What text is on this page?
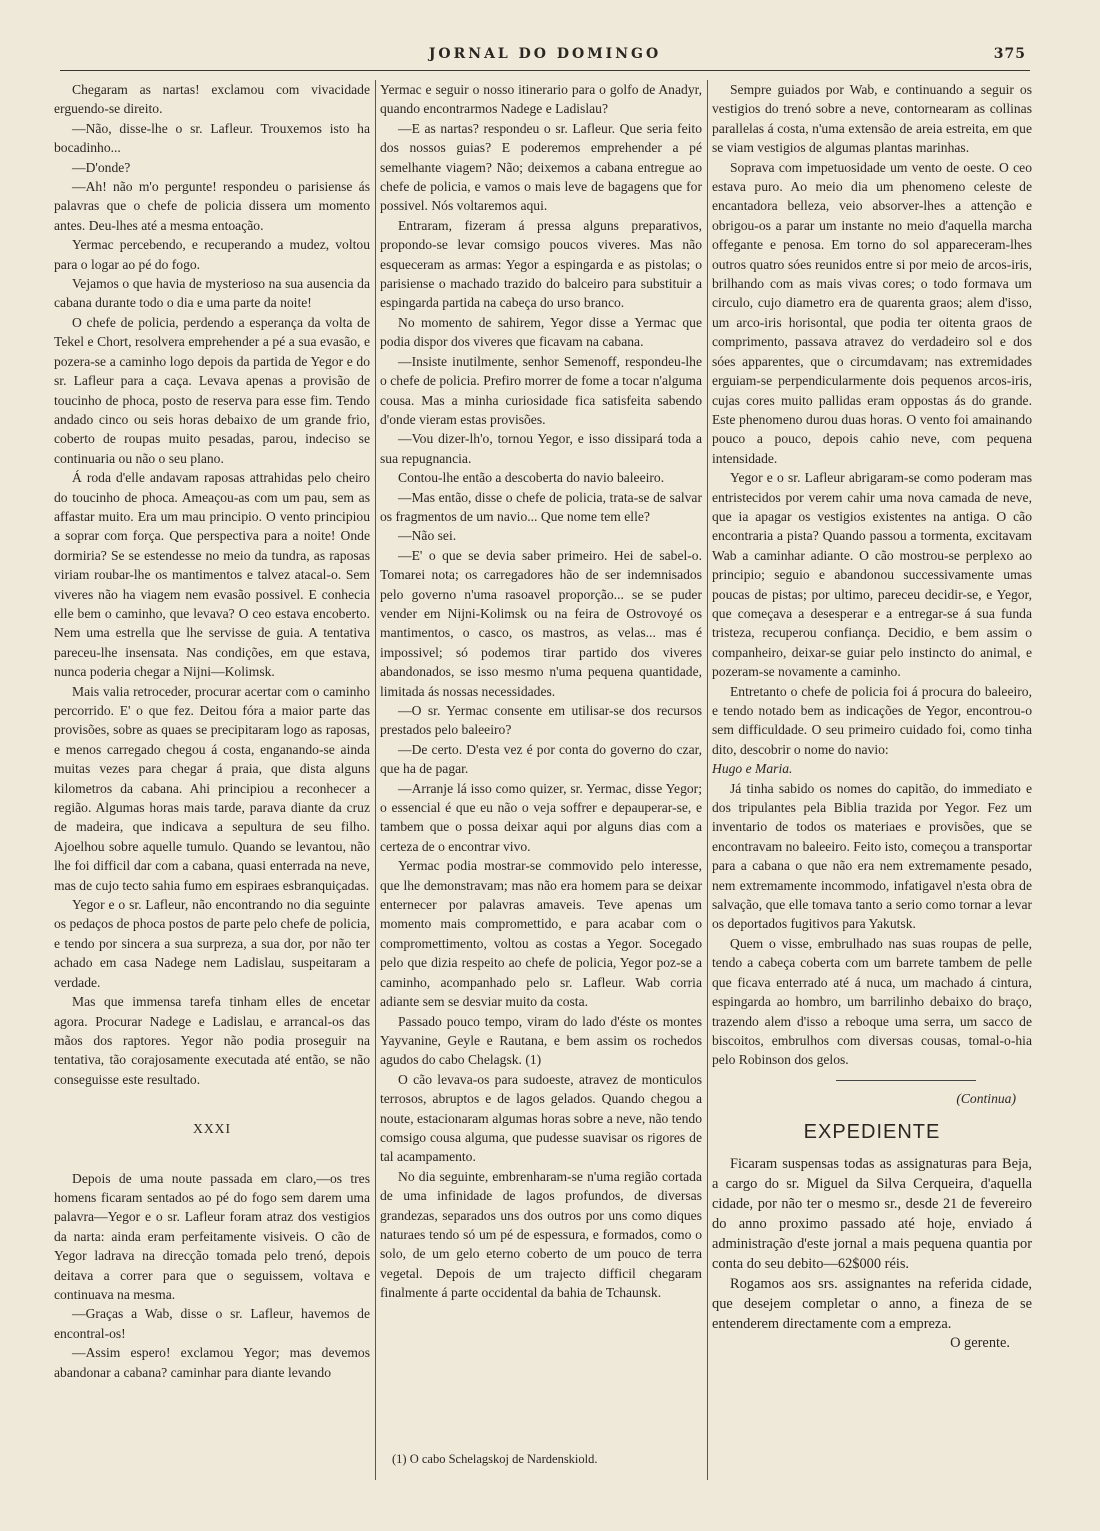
JORNAL DO DOMINGO	375

Chegaram as nartas! exclamou com vivacidade erguendo-se direito.

—Não, disse-lhe o sr. Lafleur. Trouxemos isto ha bocadinho...

—D'onde?

—Ah! não m'o pergunte! respondeu o parisiense ás palavras que o chefe de policia dissera um momento antes. Deu-lhes até a mesma entoação.

Yermac percebendo, e recuperando a mudez, voltou para o logar ao pé do fogo.

Vejamos o que havia de mysterioso na sua ausencia da cabana durante todo o dia e uma parte da noite!

O chefe de policia, perdendo a esperança da volta de Tekel e Chort, resolvera emprehender a pé a sua evasão, e pozera-se a caminho logo depois da partida de Yegor e do sr. Lafleur para a caça. Levava apenas a provisão de toucinho de phoca, posto de reserva para esse fim. Tendo andado cinco ou seis horas debaixo de um grande frio, coberto de roupas muito pesadas, parou, indeciso se continuaria ou não o seu plano.

Á roda d'elle andavam raposas attrahidas pelo cheiro do toucinho de phoca. Ameaçou-as com um pau, sem as affastar muito. Era um mau principio. O vento principiou a soprar com força. Que perspectiva para a noite! Onde dormiria? Se se estendesse no meio da tundra, as raposas viriam roubar-lhe os mantimentos e talvez atacal-o. Sem viveres não ha viagem nem evasão possivel. E conhecia elle bem o caminho, que levava? O ceo estava encoberto. Nem uma estrella que lhe servisse de guia. A tentativa pareceu-lhe insensata. Nas condições, em que estava, nunca poderia chegar a Nijni—Kolimsk.

Mais valia retroceder, procurar acertar com o caminho percorrido. E' o que fez. Deitou fóra a maior parte das provisões, sobre as quaes se precipitaram logo as raposas, e menos carregado chegou á costa, enganando-se ainda muitas vezes para chegar á praia, que dista alguns kilometros da cabana. Ahi principiou a reconhecer a região. Algumas horas mais tarde, parava diante da cruz de madeira, que indicava a sepultura de seu filho. Ajoelhou sobre aquelle tumulo. Quando se levantou, não lhe foi difficil dar com a cabana, quasi enterrada na neve, mas de cujo tecto sahia fumo em espiraes esbranquiçadas.

Yegor e o sr. Lafleur, não encontrando no dia seguinte os pedaços de phoca postos de parte pelo chefe de policia, e tendo por sincera a sua surpreza, a sua dor, por não ter achado em casa Nadege nem Ladislau, suspeitaram a verdade.

Mas que immensa tarefa tinham elles de encetar agora. Procurar Nadege e Ladislau, e arrancal-os das mãos dos raptores. Yegor não podia proseguir na tentativa, tão corajosamente executada até então, se não conseguisse este resultado.

XXXI

Depois de uma noute passada em claro,—os tres homens ficaram sentados ao pé do fogo sem darem uma palavra—Yegor e o sr. Lafleur foram atraz dos vestigios da narta: ainda eram perfeitamente visiveis. O cão de Yegor ladrava na direcção tomada pelo trenó, depois deitava a correr para que o seguissem, voltava e continuava na mesma.

—Graças a Wab, disse o sr. Lafleur, havemos de encontral-os!

—Assim espero! exclamou Yegor; mas devemos abandonar a cabana? caminhar para diante levando

Yermac e seguir o nosso itinerario para o golfo de Anadyr, quando encontrarmos Nadege e Ladislau?

—E as nartas? respondeu o sr. Lafleur. Que seria feito dos nossos guias? E poderemos emprehender a pé semelhante viagem? Não; deixemos a cabana entregue ao chefe de policia, e vamos o mais leve de bagagens que for possivel. Nós voltaremos aqui.

Entraram, fizeram á pressa alguns preparativos, propondo-se levar comsigo poucos viveres. Mas não esqueceram as armas: Yegor a espingarda e as pistolas; o parisiense o machado trazido do balceiro para substituir a espingarda partida na cabeça do urso branco.

No momento de sahirem, Yegor disse a Yermac que podia dispor dos viveres que ficavam na cabana.

—Insiste inutilmente, senhor Semenoff, respondeu-lhe o chefe de policia. Prefiro morrer de fome a tocar n'alguma cousa. Mas a minha curiosidade fica satisfeita sabendo d'onde vieram estas provisões.

—Vou dizer-lh'o, tornou Yegor, e isso dissipará toda a sua repugnancia.

Contou-lhe então a descoberta do navio baleeiro.

—Mas então, disse o chefe de policia, trata-se de salvar os fragmentos de um navio... Que nome tem elle?

—Não sei.

—E' o que se devia saber primeiro. Hei de sabel-o. Tomarei nota; os carregadores hão de ser indemnisados pelo governo n'uma rasoavel proporção... se se puder vender em Nijni-Kolimsk ou na feira de Ostrovoyé os mantimentos, o casco, os mastros, as velas... mas é impossivel; só podemos tirar partido dos viveres abandonados, se isso mesmo n'uma pequena quantidade, limitada ás nossas necessidades.

—O sr. Yermac consente em utilisar-se dos recursos prestados pelo baleeiro?

—De certo. D'esta vez é por conta do governo do czar, que ha de pagar.

—Arranje lá isso como quizer, sr. Yermac, disse Yegor; o essencial é que eu não o veja soffrer e depauperar-se, e tambem que o possa deixar aqui por alguns dias com a certeza de o encontrar vivo.

Yermac podia mostrar-se commovido pelo interesse, que lhe demonstravam; mas não era homem para se deixar enternecer por palavras amaveis. Teve apenas um momento mais compromettido, e para acabar com o compromettimento, voltou as costas a Yegor. Socegado pelo que dizia respeito ao chefe de policia, Yegor poz-se a caminho, acompanhado pelo sr. Lafleur. Wab corria adiante sem se desviar muito da costa.

Passado pouco tempo, viram do lado d'éste os montes Yayvanine, Geyle e Rautana, e bem assim os rochedos agudos do cabo Chelagsk. (1)

O cão levava-os para sudoeste, atravez de monticulos terrosos, abruptos e de lagos gelados. Quando chegou a noute, estacionaram algumas horas sobre a neve, não tendo comsigo cousa alguma, que pudesse suavisar os rigores de tal acampamento.

No dia seguinte, embrenharam-se n'uma região cortada de uma infinidade de lagos profundos, de diversas grandezas, separados uns dos outros por uns como diques naturaes tendo só um pé de espessura, e formados, como o solo, de um gelo eterno coberto de um pouco de terra vegetal. Depois de um trajecto difficil chegaram finalmente á parte occidental da bahia de Tchaunsk.

(1) O cabo Schelagskoj de Nardenskiold.

Sempre guiados por Wab, e continuando a seguir os vestigios do trenó sobre a neve, contornearam as collinas parallelas á costa, n'uma extensão de areia estreita, em que se viam vestigios de algumas plantas marinhas.

Soprava com impetuosidade um vento de oeste. O ceo estava puro. Ao meio dia um phenomeno celeste de encantadora belleza, veio absorver-lhes a attenção e obrigou-os a parar um instante no meio d'aquella marcha offegante e penosa. Em torno do sol appareceram-lhes outros quatro sóes reunidos entre si por meio de arcos-iris, brilhando com as mais vivas cores; o todo formava um circulo, cujo diametro era de quarenta graos; alem d'isso, um arco-iris horisontal, que podia ter oitenta graos de comprimento, passava atravez do verdadeiro sol e dos sóes apparentes, que o circumdavam; nas extremidades erguiam-se perpendicularmente dois pequenos arcos-iris, cujas cores muito pallidas eram oppostas ás do grande. Este phenomeno durou duas horas. O vento foi amainando pouco a pouco, depois cahio neve, com pequena intensidade.

Yegor e o sr. Lafleur abrigaram-se como poderam mas entristecidos por verem cahir uma nova camada de neve, que ia apagar os vestigios existentes na antiga. O cão encontraria a pista? Quando passou a tormenta, excitavam Wab a caminhar adiante. O cão mostrou-se perplexo ao principio; seguio e abandonou successivamente umas poucas de pistas; por ultimo, pareceu decidir-se, e Yegor, que começava a desesperar e a entregar-se á sua funda tristeza, recuperou confiança. Decidio, e bem assim o companheiro, deixar-se guiar pelo instincto do animal, e pozeram-se novamente a caminho.

Entretanto o chefe de policia foi á procura do baleeiro, e tendo notado bem as indicações de Yegor, encontrou-o sem difficuldade. O seu primeiro cuidado foi, como tinha dito, descobrir o nome do navio:

Hugo e Maria.

Já tinha sabido os nomes do capitão, do immediato e dos tripulantes pela Biblia trazida por Yegor. Fez um inventario de todos os materiaes e provisões, que se encontravam no baleeiro. Feito isto, começou a transportar para a cabana o que não era nem extremamente pesado, nem extremamente incommodo, infatigavel n'esta obra de salvação, que elle tomava tanto a serio como tornar a levar os deportados fugitivos para Yakutsk.

Quem o visse, embrulhado nas suas roupas de pelle, tendo a cabeça coberta com um barrete tambem de pelle que ficava enterrado até á nuca, um machado á cintura, espingarda ao hombro, um barrilinho debaixo do braço, trazendo alem d'isso a reboque uma serra, um sacco de biscoitos, embrulhos com diversas cousas, tomal-o-hia pelo Robinson dos gelos.

(Continua)

EXPEDIENTE

Ficaram suspensas todas as assignaturas para Beja, a cargo do sr. Miguel da Silva Cerqueira, d'aquella cidade, por não ter o mesmo sr., desde 21 de fevereiro do anno proximo passado até hoje, enviado á administração d'este jornal a mais pequena quantia por conta do seu debito—62$000 réis.

Rogamos aos srs. assignantes na referida cidade, que desejem completar o anno, a fineza de se entenderem directamente com a empreza.

O gerente.
